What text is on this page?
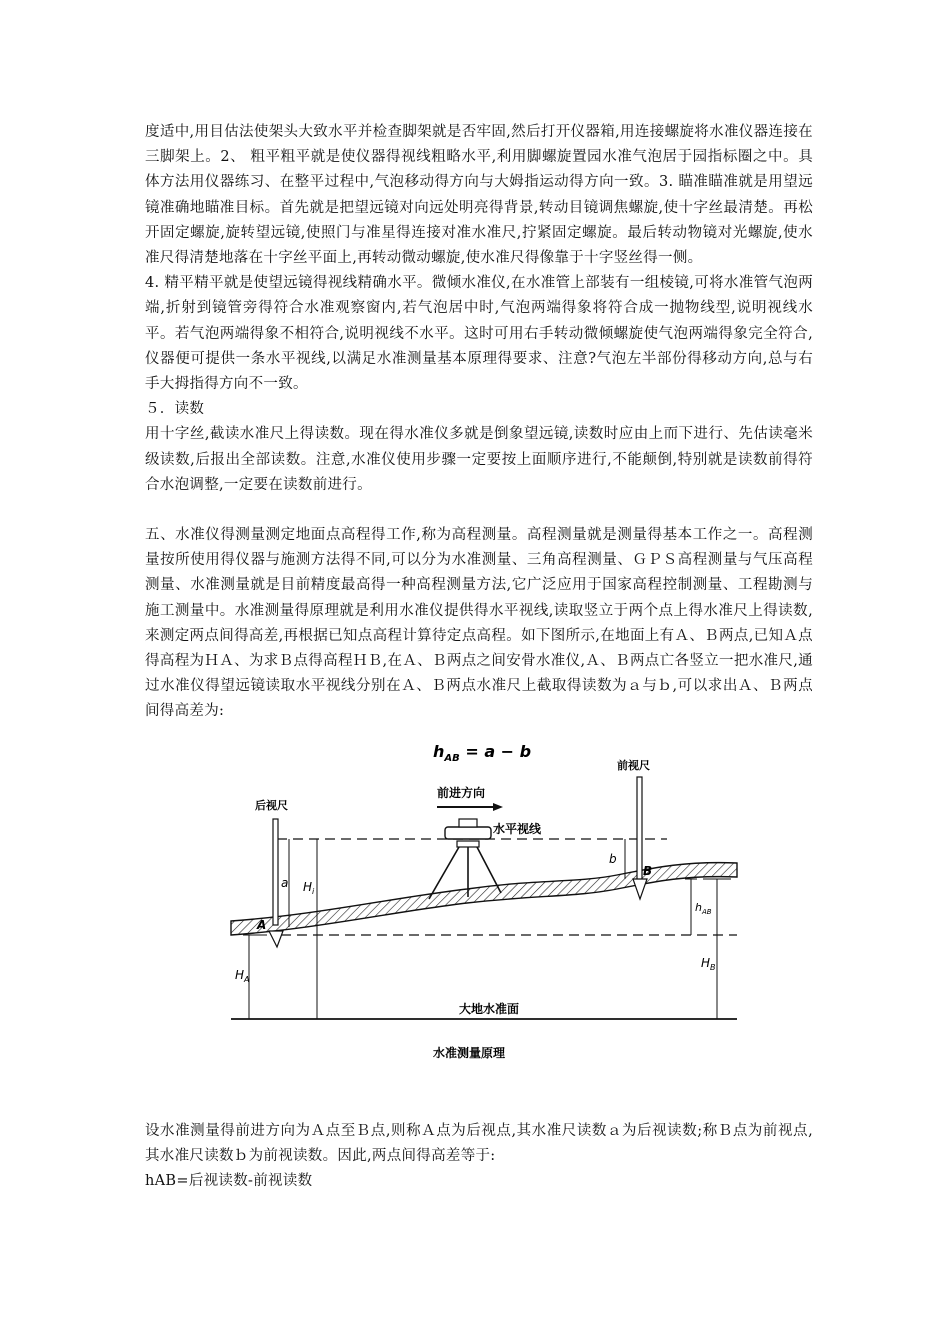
度适中,用目估法使架头大致水平并检查脚架就是否牢固,然后打开仪器箱,用连接螺旋将水准仪器连接在三脚架上。2、 粗平粗平就是使仪器得视线粗略水平,利用脚螺旋置园水准气泡居于园指标圈之中。具体方法用仪器练习、在整平过程中,气泡移动得方向与大姆指运动得方向一致。3. 瞄准瞄准就是用望远镜准确地瞄准目标。首先就是把望远镜对向远处明亮得背景,转动目镜调焦螺旋,使十字丝最清楚。再松开固定螺旋,旋转望远镜,使照门与准星得连接对准水准尺,拧紧固定螺旋。最后转动物镜对光螺旋,使水准尺得清楚地落在十字丝平面上,再转动微动螺旋,使水准尺得像靠于十字竖丝得一侧。

4. 精平精平就是使望远镜得视线精确水平。微倾水准仪,在水准管上部装有一组棱镜,可将水准管气泡两端,折射到镜管旁得符合水准观察窗内,若气泡居中时,气泡两端得象将符合成一抛物线型,说明视线水平。若气泡两端得象不相符合,说明视线不水平。这时可用右手转动微倾螺旋使气泡两端得象完全符合,仪器便可提供一条水平视线,以满足水准测量基本原理得要求、注意?气泡左半部份得移动方向,总与右手大拇指得方向不一致。

５．读数

用十字丝,截读水准尺上得读数。现在得水准仪多就是倒象望远镜,读数时应由上而下进行、先估读毫米级读数,后报出全部读数。注意,水准仪使用步骤一定要按上面顺序进行,不能颠倒,特别就是读数前得符合水泡调整,一定要在读数前进行。

五、水准仪得测量测定地面点高程得工作,称为高程测量。高程测量就是测量得基本工作之一。高程测量按所使用得仪器与施测方法得不同,可以分为水准测量、三角高程测量、ＧＰＳ高程测量与气压高程测量、水准测量就是目前精度最高得一种高程测量方法,它广泛应用于国家高程控制测量、工程勘测与施工测量中。水准测量得原理就是利用水准仪提供得水平视线,读取竖立于两个点上得水准尺上得读数,来测定两点间得高差,再根据已知点高程计算待定点高程。如下图所示,在地面上有Ａ、Ｂ两点,已知Ａ点得高程为ＨＡ、为求Ｂ点得高程ＨＢ,在Ａ、Ｂ两点之间安骨水准仪,Ａ、Ｂ两点亡各竖立一把水准尺,通过水准仪得望远镜读取水平视线分别在Ａ、Ｂ两点水准尺上截取得读数为ａ与ｂ,可以求出Ａ、Ｂ两点间得高差为:

$h_{AB} = a - b$
前进方向
大地水准面
水平视线
后视尺
A
a $H_i$
$H_A$
前视尺
B
b
$h_{AB}$
$H_B$
水准测量原理

设水准测量得前进方向为Ａ点至Ｂ点,则称Ａ点为后视点,其水准尺读数ａ为后视读数;称Ｂ点为前视点,其水准尺读数ｂ为前视读数。因此,两点间得高差等于:

hAB=后视读数-前视读数
